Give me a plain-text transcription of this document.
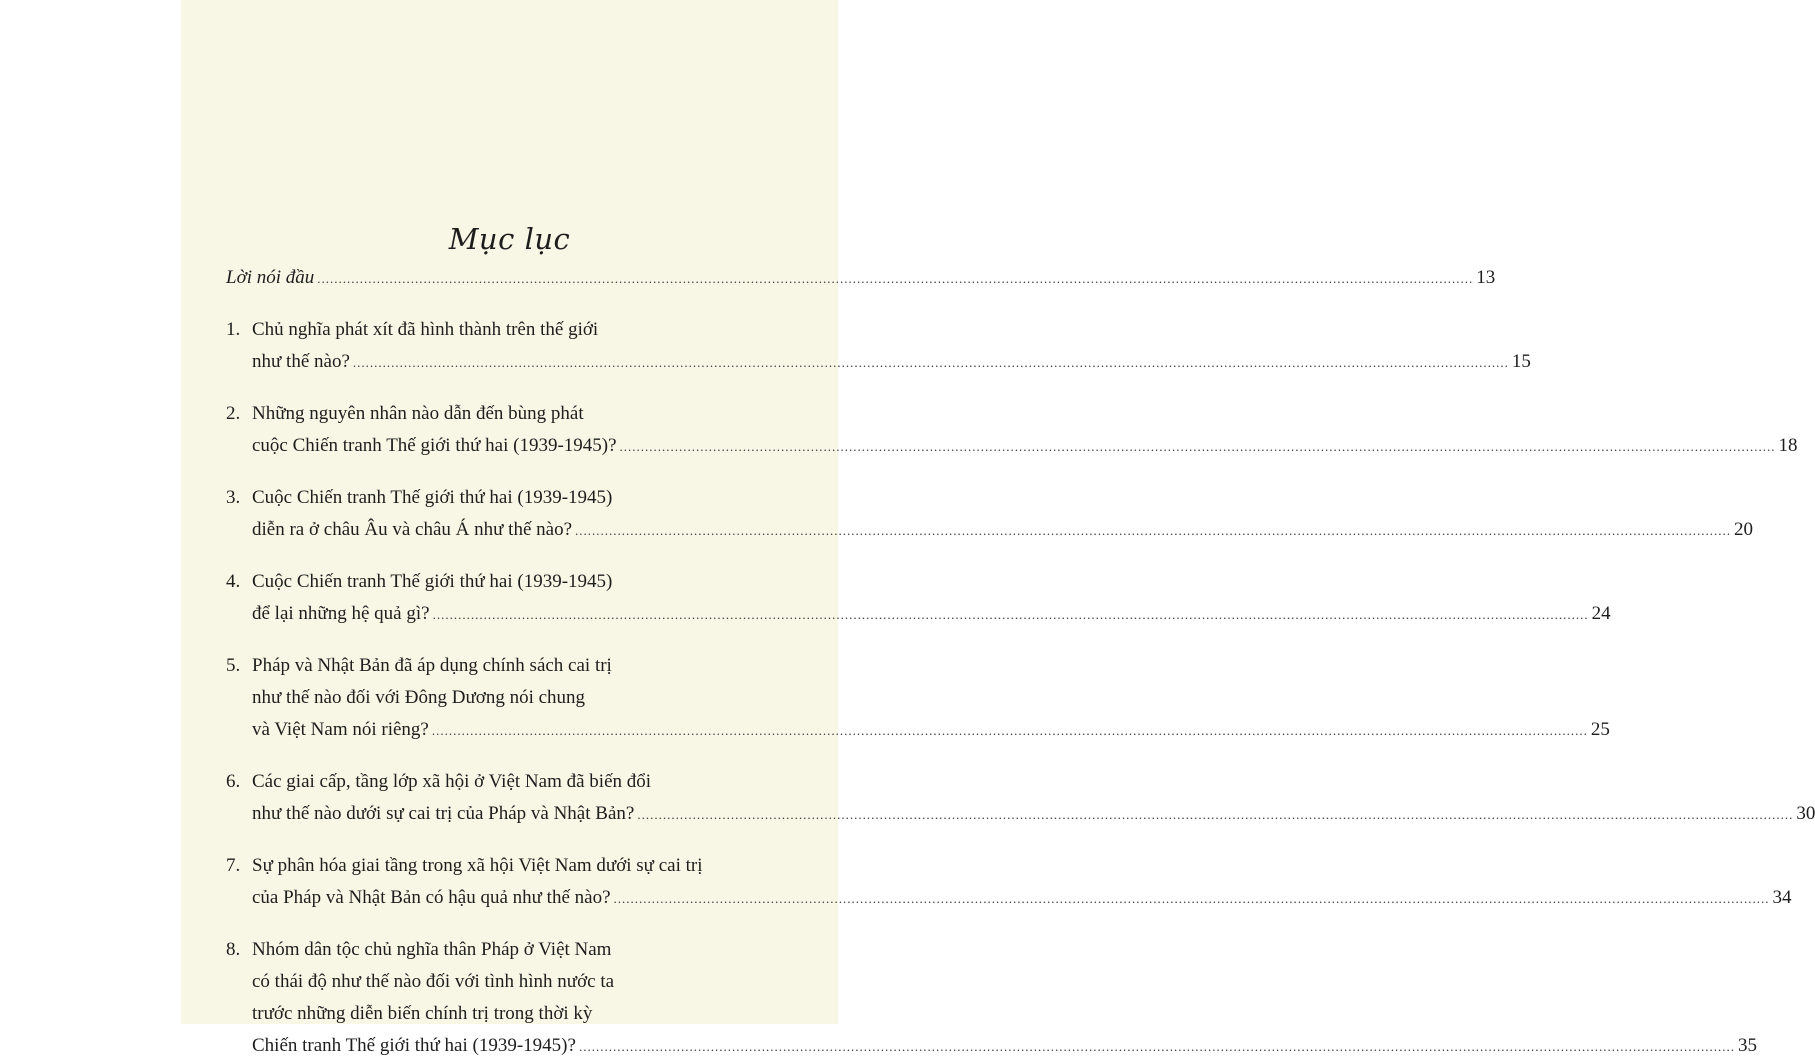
Mục lục
Lời nói đầu .....	13
1. Chủ nghĩa phát xít đã hình thành trên thế giới
như thế nào? .....	15
2. Những nguyên nhân nào dẫn đến bùng phát
cuộc Chiến tranh Thế giới thứ hai (1939-1945)? .....	18
3. Cuộc Chiến tranh Thế giới thứ hai (1939-1945)
diễn ra ở châu Âu và châu Á như thế nào? .....	20
4. Cuộc Chiến tranh Thế giới thứ hai (1939-1945)
để lại những hệ quả gì? .....	24
5. Pháp và Nhật Bản đã áp dụng chính sách cai trị
như thế nào đối với Đông Dương nói chung
và Việt Nam nói riêng? .....	25
6. Các giai cấp, tầng lớp xã hội ở Việt Nam đã biến đổi
như thế nào dưới sự cai trị của Pháp và Nhật Bản? .....	30
7. Sự phân hóa giai tầng trong xã hội Việt Nam dưới sự cai trị
của Pháp và Nhật Bản có hậu quả như thế nào? .....	34
8. Nhóm dân tộc chủ nghĩa thân Pháp ở Việt Nam
có thái độ như thế nào đối với tình hình nước ta
trước những diễn biến chính trị trong thời kỳ
Chiến tranh Thế giới thứ hai (1939-1945)? .....	35
